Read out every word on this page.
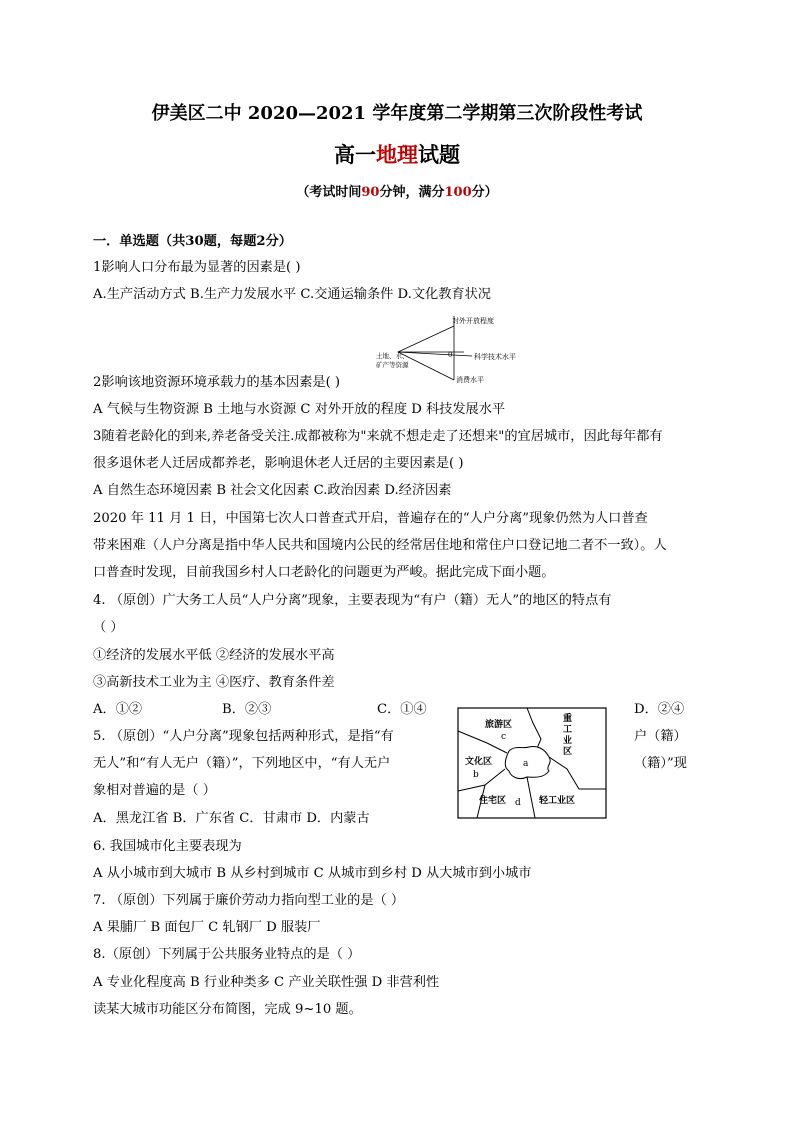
伊美区二中 2020—2021 学年度第二学期第三次阶段性考试
高一地理试题
（考试时间90分钟，满分100分）
一．单选题（共30题，每题2分）
1影响人口分布最为显著的因素是( )
A.生产活动方式 B.生产力发展水平 C.交通运输条件 D.文化教育状况
对外开放程度
科学技术水平
消费水平
土地、水、
矿产等资源
0
2影响该地资源环境承载力的基本因素是( )
A 气候与生物资源 B 土地与水资源 C 对外开放的程度 D 科技发展水平
3随着老龄化的到来,养老备受关注.成都被称为"来就不想走走了还想来"的宜居城市，因此每年都有
很多退休老人迁居成都养老，影响退休老人迁居的主要因素是( )
A 自然生态环境因素 B 社会文化因素 C.政治因素 D.经济因素
2020 年 11 月 1 日，中国第七次人口普查式开启，普遍存在的“人户分离”现象仍然为人口普查
带来困难（人户分离是指中华人民共和国境内公民的经常居住地和常住户口登记地二者不一致）。人
口普查时发现，目前我国乡村人口老龄化的问题更为严峻。据此完成下面小题。
4. （原创）广大务工人员“人户分离”现象，主要表现为“有户（籍）无人”的地区的特点有
（ ）
①经济的发展水平低 ②经济的发展水平高
③高新技术工业为主 ④医疗、教育条件差
A．①②	B．②③	C．①④	D．②④
旅游区
c
重
工
业
区
文化区
b
a
住宅区 d 轻工业区
5. （原创）“人户分离”现象包括两种形式，是指“有	户（籍）
无人”和“有人无户（籍）”，下列地区中，“有人无户	（籍）”现
象相对普遍的是（ ）
A．黑龙江省 B．广东省 C．甘肃市 D．内蒙古
6. 我国城市化主要表现为
A 从小城市到大城市 B 从乡村到城市 C 从城市到乡村 D 从大城市到小城市
7. （原创）下列属于廉价劳动力指向型工业的是（ ）
A 果脯厂 B 面包厂 C 轧钢厂 D 服装厂
8.（原创）下列属于公共服务业特点的是（ ）
A 专业化程度高 B 行业种类多 C 产业关联性强 D 非营利性
读某大城市功能区分布简图，完成 9~10 题。
